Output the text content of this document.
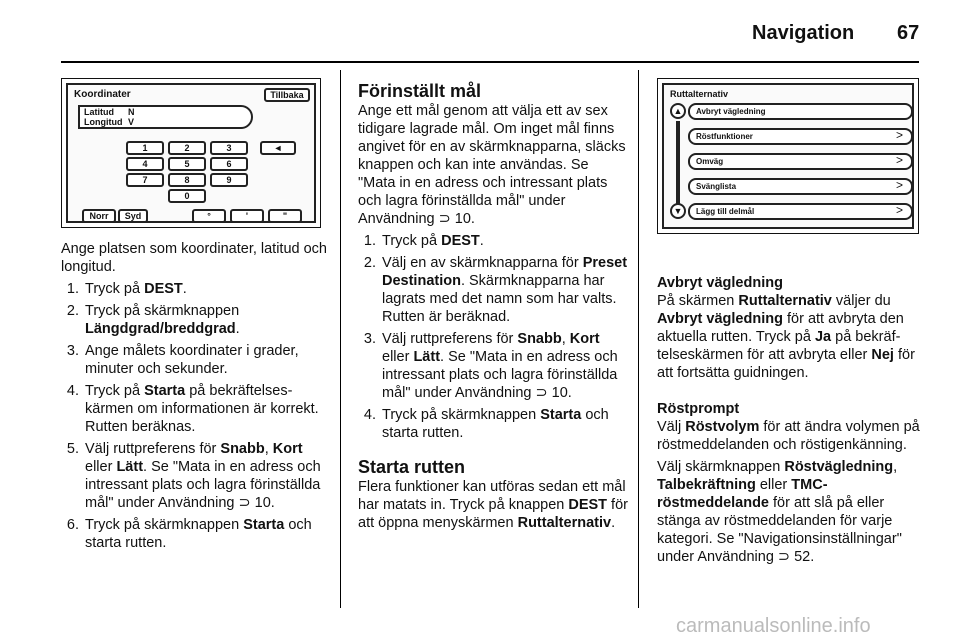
Navigation 67
Koordinater	Tillbaka
Latitud N
Longitud V
1	2	3	◄
4	5	6
7	8	9
0
Norr	Syd	°	'	"

Ange platsen som koordinater, latitud och longitud.

1. Tryck på DEST.
2. Tryck på skärmknappen Längdgrad/breddgrad.
3. Ange målets koordinater i grader, minuter och sekunder.
4. Tryck på Starta på bekräftelseskärmen om informationen är korrekt. Rutten beräknas.
5. Välj ruttpreferens för Snabb, Kort eller Lätt. Se "Mata in en adress och intressant plats och lagra förinställda mål" under Användning ⊃ 10.
6. Tryck på skärmknappen Starta och starta rutten.
Förinställt mål

Ange ett mål genom att välja ett av sex tidigare lagrade mål. Om inget mål finns angivet för en av skärmknapparna, släcks knappen och kan inte användas. Se "Mata in en adress och intressant plats och lagra förinställda mål" under Användning ⊃ 10.

1. Tryck på DEST.
2. Välj en av skärmknapparna för Preset Destination. Skärmknapparna har lagrats med det namn som har valts. Rutten är beräknad.
3. Välj ruttpreferens för Snabb, Kort eller Lätt. Se "Mata in en adress och intressant plats och lagra förinställda mål" under Användning ⊃ 10.
4. Tryck på skärmknappen Starta och starta rutten.
Starta rutten

Flera funktioner kan utföras sedan ett mål har matats in. Tryck på knappen DEST för att öppna menyskärmen Ruttalternativ.

Ruttalternativ
▲	Avbryt vägledning
Röstfunktioner	>
Omväg	>
Svänglista	>
▼	Lägg till delmål	>
Avbryt vägledning

På skärmen Ruttalternativ väljer du Avbryt vägledning för att avbryta den aktuella rutten. Tryck på Ja på bekräftelseskärmen för att avbryta eller Nej för att fortsätta guidningen.

Röstprompt

Välj Röstvolym för att ändra volymen på röstmeddelanden och röstigenkänning.

Välj skärmknappen Röstvägledning, Talbekräftning eller TMC-röstmeddelande för att slå på eller stänga av röstmeddelanden för varje kategori. Se "Navigationsinställningar" under Användning ⊃ 52.

carmanualsonline.info
